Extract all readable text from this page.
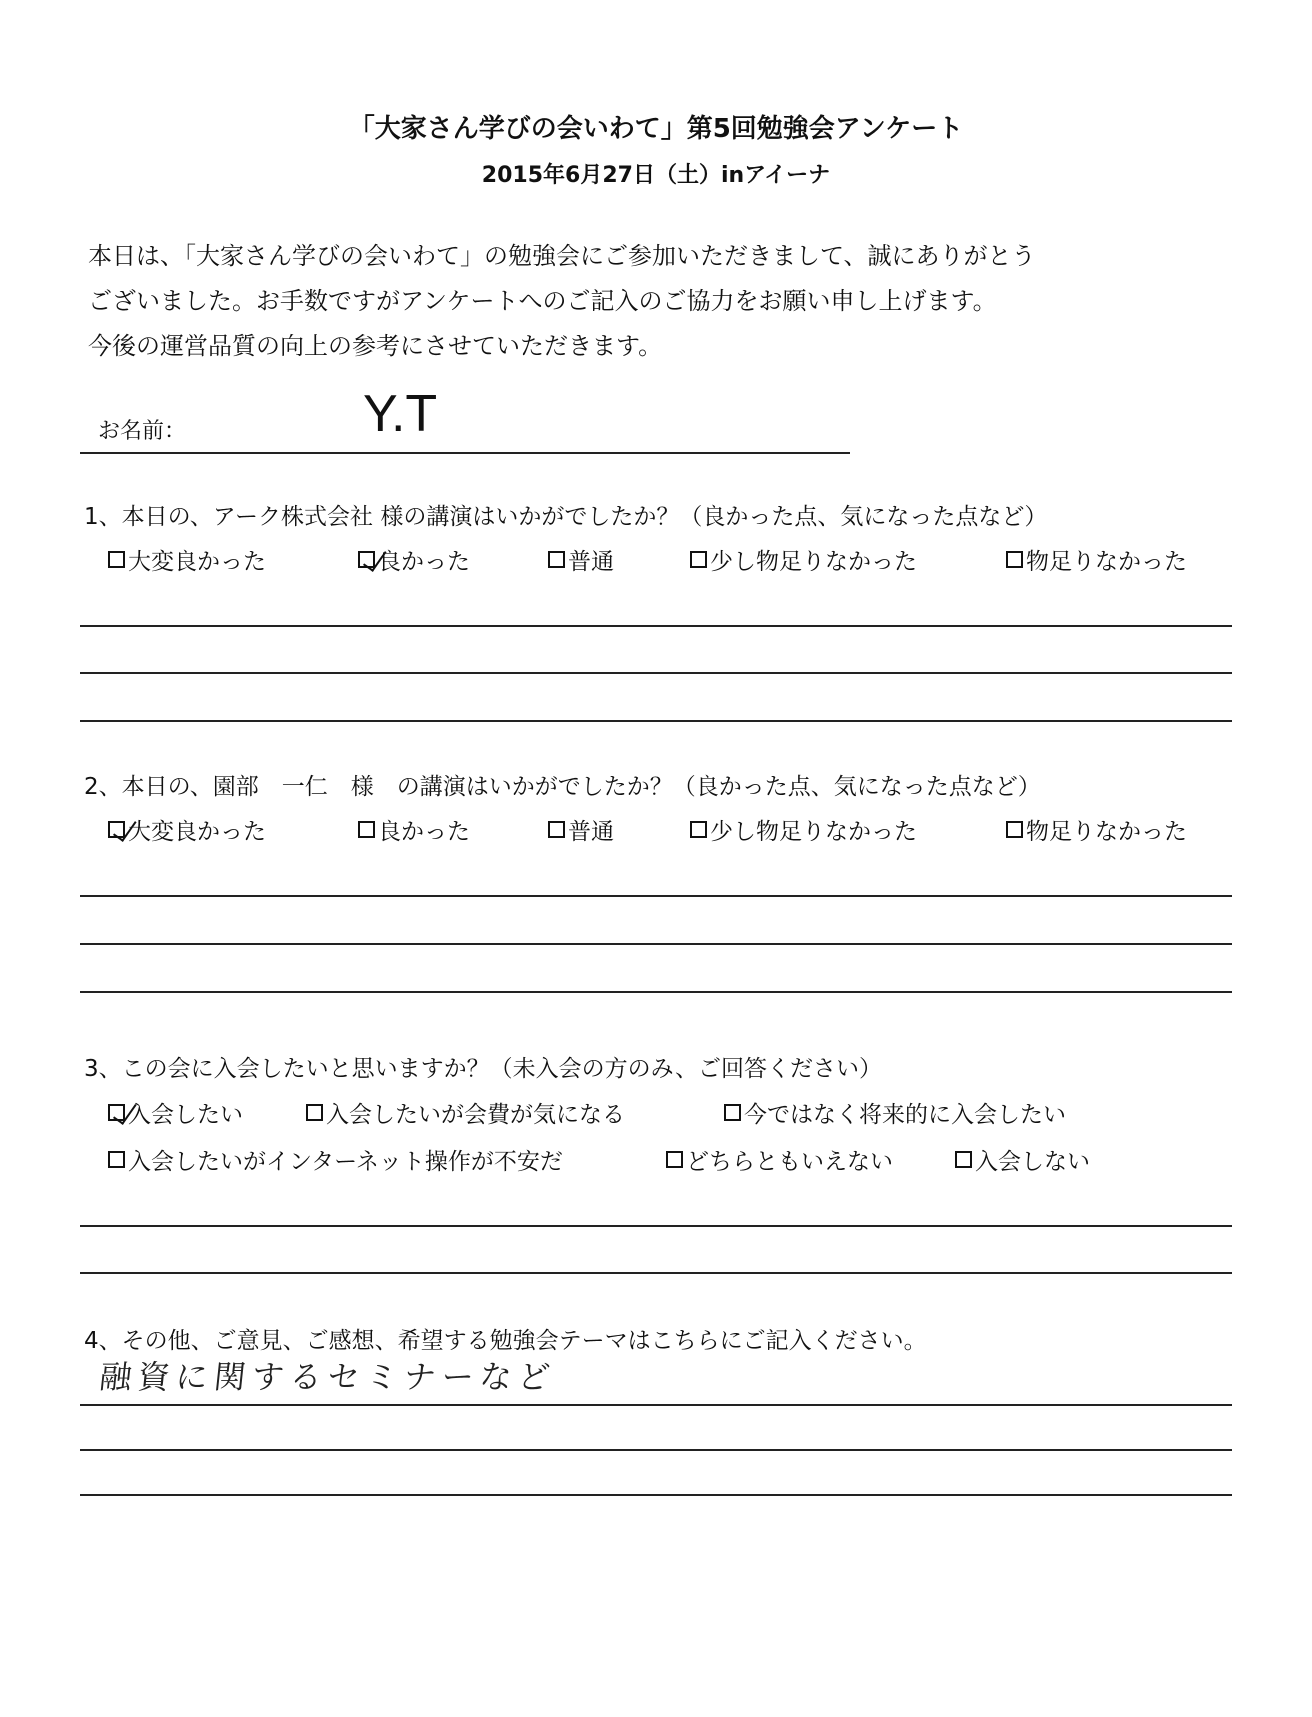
「大家さん学びの会いわて」第5回勉強会アンケート
2015年6月27日（土）inアイーナ
本日は、「大家さん学びの会いわて」の勉強会にご参加いただきまして、誠にありがとう
ございました。お手数ですがアンケートへのご記入のご協力をお願い申し上げます。
今後の運営品質の向上の参考にさせていただきます。
お名前：	Y.T
1、本日の、アーク株式会社 様の講演はいかがでしたか？（良かった点、気になった点など）
大変良かった	良かった	普通	少し物足りなかった	物足りなかった
2、本日の、園部　一仁　様　の講演はいかがでしたか？（良かった点、気になった点など）
大変良かった	良かった	普通	少し物足りなかった	物足りなかった
3、この会に入会したいと思いますか？（未入会の方のみ、ご回答ください）
入会したい	入会したいが会費が気になる	今ではなく将来的に入会したい
入会したいがインターネット操作が不安だ	どちらともいえない	入会しない
4、その他、ご意見、ご感想、希望する勉強会テーマはこちらにご記入ください。
融資に関するセミナーなど
